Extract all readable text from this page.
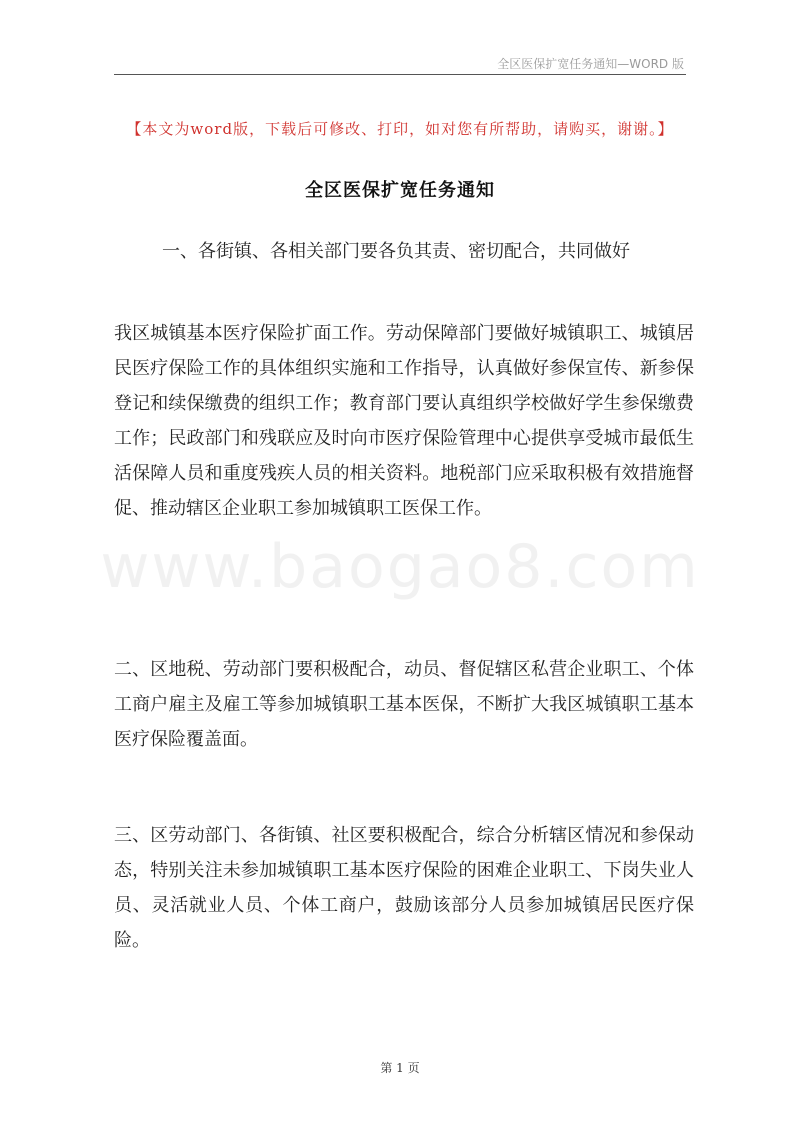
全区医保扩宽任务通知—WORD 版
www.baogao8.com
【本文为word版，下载后可修改、打印，如对您有所帮助，请购买，谢谢。】
全区医保扩宽任务通知
一、各街镇、各相关部门要各负其责、密切配合，共同做好
我区城镇基本医疗保险扩面工作。劳动保障部门要做好城镇职工、城镇居民医疗保险工作的具体组织实施和工作指导，认真做好参保宣传、新参保登记和续保缴费的组织工作；教育部门要认真组织学校做好学生参保缴费工作；民政部门和残联应及时向市医疗保险管理中心提供享受城市最低生活保障人员和重度残疾人员的相关资料。地税部门应采取积极有效措施督促、推动辖区企业职工参加城镇职工医保工作。
二、区地税、劳动部门要积极配合，动员、督促辖区私营企业职工、个体工商户雇主及雇工等参加城镇职工基本医保，不断扩大我区城镇职工基本医疗保险覆盖面。
三、区劳动部门、各街镇、社区要积极配合，综合分析辖区情况和参保动态，特别关注未参加城镇职工基本医疗保险的困难企业职工、下岗失业人员、灵活就业人员、个体工商户，鼓励该部分人员参加城镇居民医疗保险。
第 1 页
